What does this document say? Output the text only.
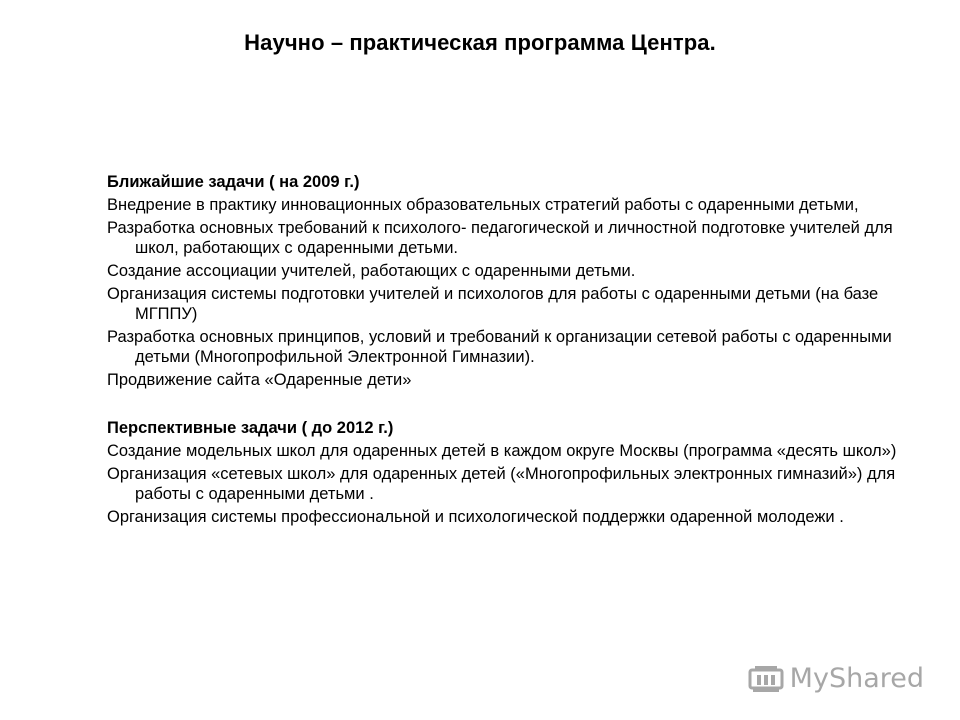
Научно – практическая программа Центра.
Ближайшие задачи ( на 2009 г.)
Внедрение в практику инновационных образовательных стратегий работы с одаренными детьми,
Разработка основных требований к психолого- педагогической и личностной подготовке учителей для школ, работающих с одаренными детьми.
Создание ассоциации учителей, работающих с одаренными детьми.
Организация системы подготовки учителей и психологов для работы с одаренными детьми (на базе МГППУ)
Разработка основных принципов, условий и требований к организации сетевой работы с одаренными детьми (Многопрофильной Электронной Гимназии).
Продвижение сайта «Одаренные дети»
Перспективные задачи ( до 2012 г.)
Создание модельных школ для одаренных детей в каждом округе Москвы (программа «десять школ»)
Организация «сетевых школ» для одаренных детей («Многопрофильных электронных гимназий») для работы с одаренными детьми .
Организация системы профессиональной и психологической поддержки одаренной молодежи .
MyShared
